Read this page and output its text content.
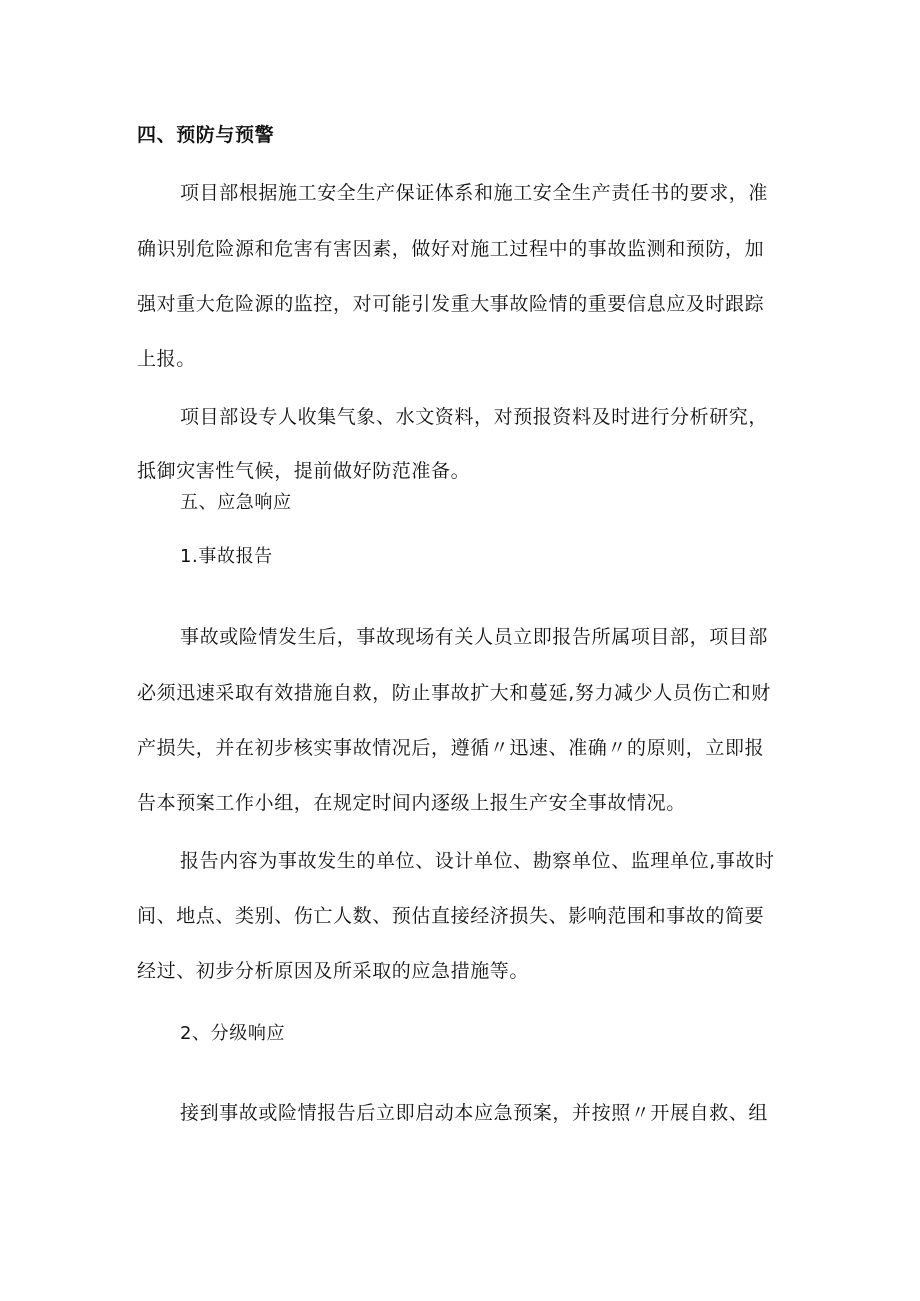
四、预防与预警
项目部根据施工安全生产保证体系和施工安全生产责任书的要求，准
确识别危险源和危害有害因素，做好对施工过程中的事故监测和预防，加
强对重大危险源的监控，对可能引发重大事故险情的重要信息应及时跟踪
上报。
项目部设专人收集气象、水文资料，对预报资料及时进行分析研究，
抵御灾害性气候，提前做好防范准备。
五、应急响应
1.事故报告
事故或险情发生后，事故现场有关人员立即报告所属项目部，项目部
必须迅速采取有效措施自救，防止事故扩大和蔓延,努力减少人员伤亡和财
产损失，并在初步核实事故情况后，遵循〃迅速、准确〃的原则，立即报
告本预案工作小组，在规定时间内逐级上报生产安全事故情况。
报告内容为事故发生的单位、设计单位、勘察单位、监理单位,事故时
间、地点、类别、伤亡人数、预估直接经济损失、影响范围和事故的简要
经过、初步分析原因及所采取的应急措施等。
2、分级响应
接到事故或险情报告后立即启动本应急预案，并按照〃开展自救、组
